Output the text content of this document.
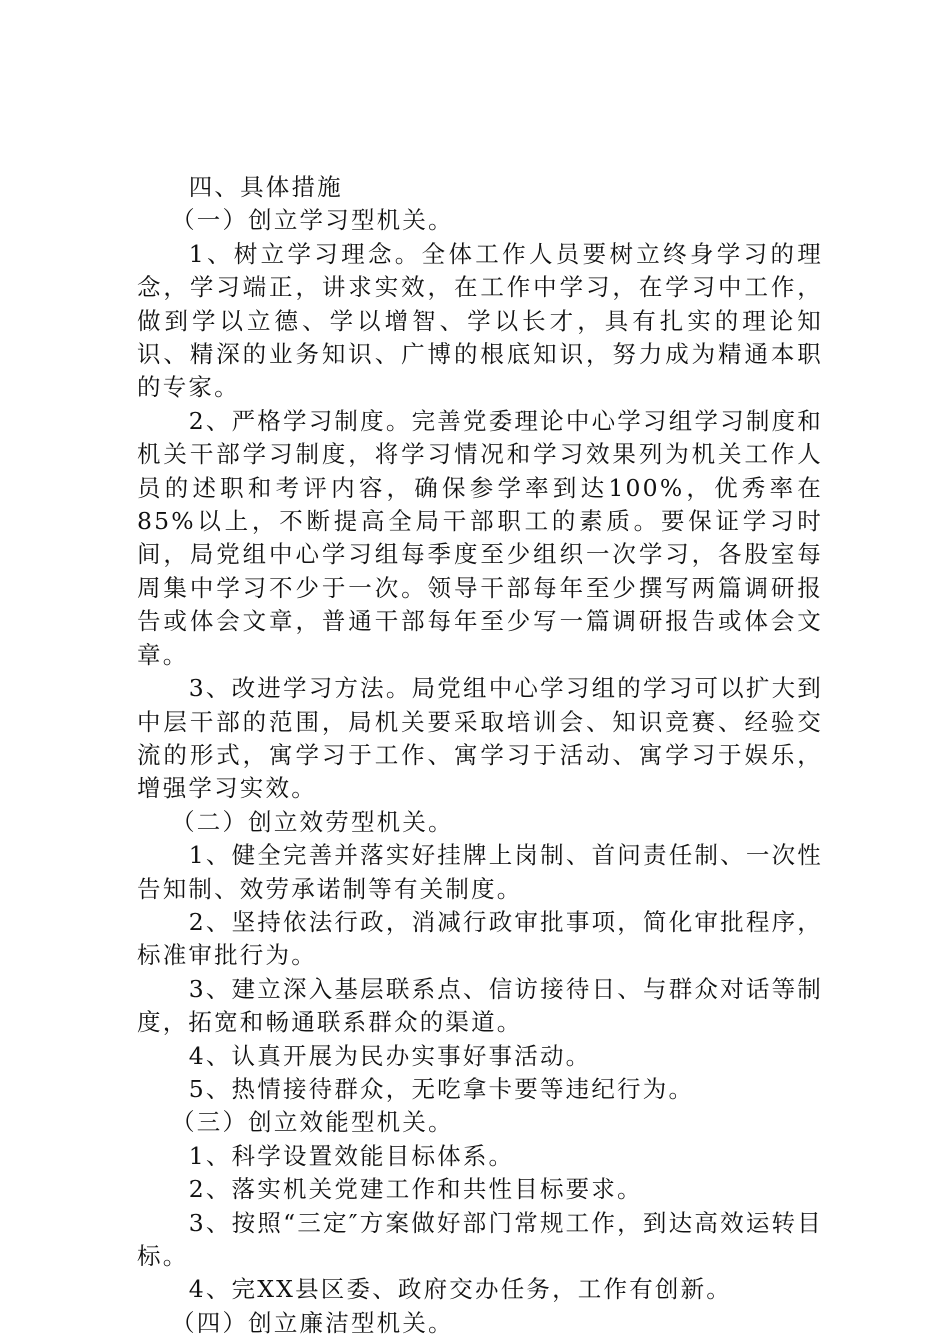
四、具体措施

（一）创立学习型机关。

1、树立学习理念。全体工作人员要树立终身学习的理念，学习端正，讲求实效，在工作中学习，在学习中工作，做到学以立德、学以增智、学以长才，具有扎实的理论知识、精深的业务知识、广博的根底知识，努力成为精通本职的专家。

2、严格学习制度。完善党委理论中心学习组学习制度和机关干部学习制度，将学习情况和学习效果列为机关工作人员的述职和考评内容，确保参学率到达100%，优秀率在85%以上，不断提高全局干部职工的素质。要保证学习时间，局党组中心学习组每季度至少组织一次学习，各股室每周集中学习不少于一次。领导干部每年至少撰写两篇调研报告或体会文章，普通干部每年至少写一篇调研报告或体会文章。

3、改进学习方法。局党组中心学习组的学习可以扩大到中层干部的范围，局机关要采取培训会、知识竞赛、经验交流的形式，寓学习于工作、寓学习于活动、寓学习于娱乐，增强学习实效。

（二）创立效劳型机关。

1、健全完善并落实好挂牌上岗制、首问责任制、一次性告知制、效劳承诺制等有关制度。

2、坚持依法行政，消减行政审批事项，简化审批程序，标准审批行为。

3、建立深入基层联系点、信访接待日、与群众对话等制度，拓宽和畅通联系群众的渠道。

4、认真开展为民办实事好事活动。

5、热情接待群众，无吃拿卡要等违纪行为。

（三）创立效能型机关。

1、科学设置效能目标体系。

2、落实机关党建工作和共性目标要求。

3、按照“三定″方案做好部门常规工作，到达高效运转目标。

4、完XX县区委、政府交办任务，工作有创新。

（四）创立廉洁型机关。
